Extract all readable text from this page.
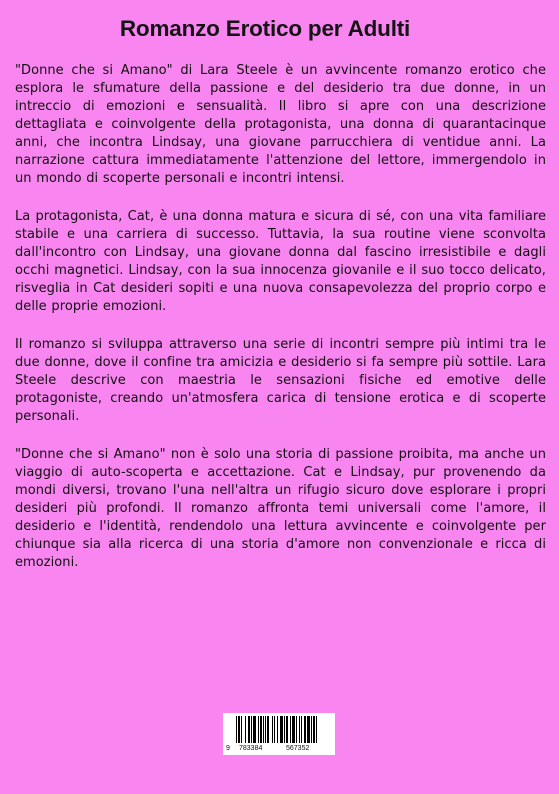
Romanzo Erotico per Adulti

"Donne che si Amano" di Lara Steele è un avvincente romanzo erotico che esplora le sfumature della passione e del desiderio tra due donne, in un intreccio di emozioni e sensualità. Il libro si apre con una descrizione dettagliata e coinvolgente della protagonista, una donna di quarantacinque anni, che incontra Lindsay, una giovane parrucchiera di ventidue anni. La narrazione cattura immediatamente l'attenzione del lettore, immergendolo in un mondo di scoperte personali e incontri intensi.

La protagonista, Cat, è una donna matura e sicura di sé, con una vita familiare stabile e una carriera di successo. Tuttavia, la sua routine viene sconvolta dall'incontro con Lindsay, una giovane donna dal fascino irresistibile e dagli occhi magnetici. Lindsay, con la sua innocenza giovanile e il suo tocco delicato, risveglia in Cat desideri sopiti e una nuova consapevolezza del proprio corpo e delle proprie emozioni.

Il romanzo si sviluppa attraverso una serie di incontri sempre più intimi tra le due donne, dove il confine tra amicizia e desiderio si fa sempre più sottile. Lara Steele descrive con maestria le sensazioni fisiche ed emotive delle protagoniste, creando un'atmosfera carica di tensione erotica e di scoperte personali.

"Donne che si Amano" non è solo una storia di passione proibita, ma anche un viaggio di auto-scoperta e accettazione. Cat e Lindsay, pur provenendo da mondi diversi, trovano l'una nell'altra un rifugio sicuro dove esplorare i propri desideri più profondi. Il romanzo affronta temi universali come l'amore, il desiderio e l'identità, rendendolo una lettura avvincente e coinvolgente per chiunque sia alla ricerca di una storia d'amore non convenzionale e ricca di emozioni.

9 783384	567352
